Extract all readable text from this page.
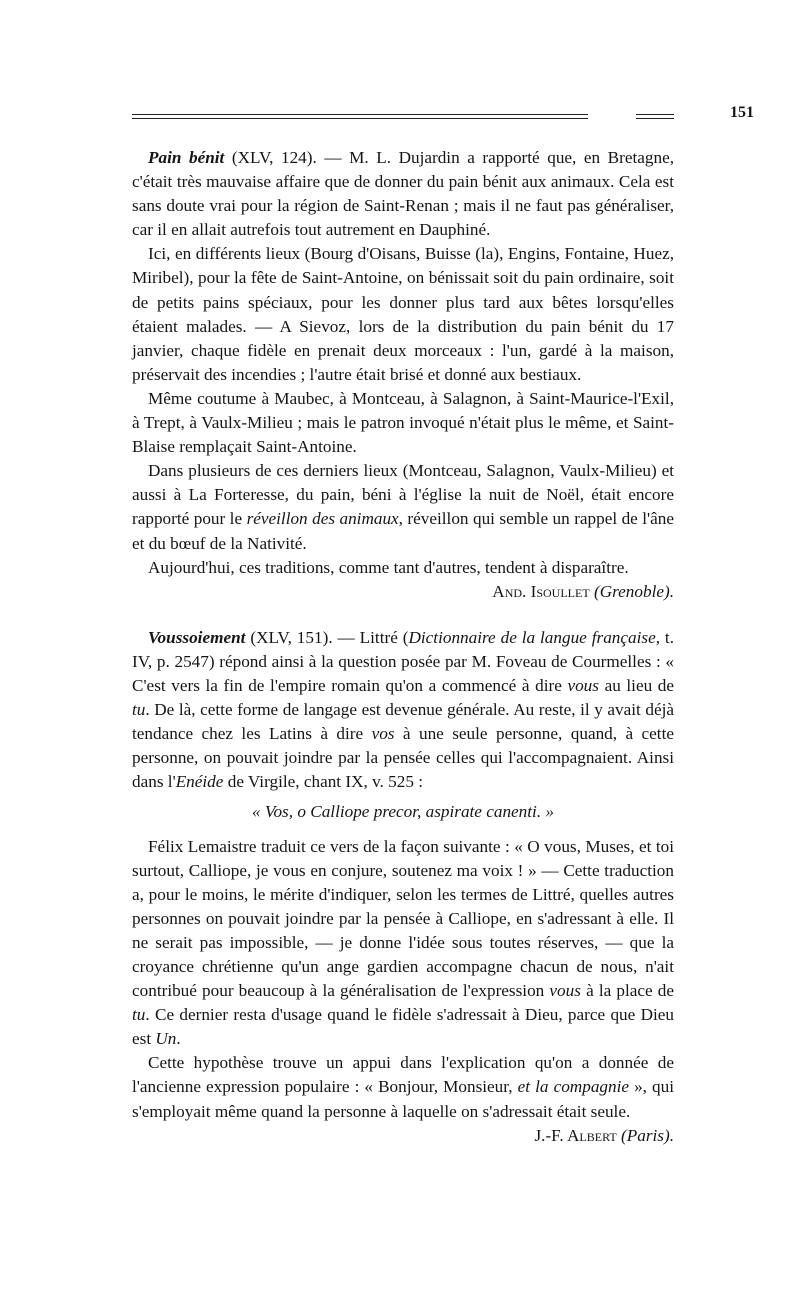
151

Pain bénit (XLV, 124). — M. L. Dujardin a rapporté que, en Bretagne, c'était très mauvaise affaire que de donner du pain bénit aux animaux. Cela est sans doute vrai pour la région de Saint-Renan ; mais il ne faut pas généraliser, car il en allait autrefois tout autrement en Dauphiné.

Ici, en différents lieux (Bourg d'Oisans, Buisse (la), Engins, Fontaine, Huez, Miribel), pour la fête de Saint-Antoine, on bénissait soit du pain ordinaire, soit de petits pains spéciaux, pour les donner plus tard aux bêtes lorsqu'elles étaient malades. — A Sievoz, lors de la distribution du pain bénit du 17 janvier, chaque fidèle en prenait deux morceaux : l'un, gardé à la maison, préservait des incendies ; l'autre était brisé et donné aux bestiaux.

Même coutume à Maubec, à Montceau, à Salagnon, à Saint-Maurice-l'Exil, à Trept, à Vaulx-Milieu ; mais le patron invoqué n'était plus le même, et Saint-Blaise remplaçait Saint-Antoine.

Dans plusieurs de ces derniers lieux (Montceau, Salagnon, Vaulx-Milieu) et aussi à La Forteresse, du pain, béni à l'église la nuit de Noël, était encore rapporté pour le réveillon des animaux, réveillon qui semble un rappel de l'âne et du bœuf de la Nativité.

Aujourd'hui, ces traditions, comme tant d'autres, tendent à disparaître.

And. Isoullet (Grenoble).

Voussoiement (XLV, 151). — Littré (Dictionnaire de la langue française, t. IV, p. 2547) répond ainsi à la question posée par M. Foveau de Courmelles : « C'est vers la fin de l'empire romain qu'on a commencé à dire vous au lieu de tu. De là, cette forme de langage est devenue générale. Au reste, il y avait déjà tendance chez les Latins à dire vos à une seule personne, quand, à cette personne, on pouvait joindre par la pensée celles qui l'accompagnaient. Ainsi dans l'Enéide de Virgile, chant IX, v. 525 :

« Vos, o Calliope precor, aspirate canenti. »

Félix Lemaistre traduit ce vers de la façon suivante : « O vous, Muses, et toi surtout, Calliope, je vous en conjure, soutenez ma voix ! » — Cette traduction a, pour le moins, le mérite d'indiquer, selon les termes de Littré, quelles autres personnes on pouvait joindre par la pensée à Calliope, en s'adressant à elle. Il ne serait pas impossible, — je donne l'idée sous toutes réserves, — que la croyance chrétienne qu'un ange gardien accompagne chacun de nous, n'ait contribué pour beaucoup à la généralisation de l'expression vous à la place de tu. Ce dernier resta d'usage quand le fidèle s'adressait à Dieu, parce que Dieu est Un.

Cette hypothèse trouve un appui dans l'explication qu'on a donnée de l'ancienne expression populaire : « Bonjour, Monsieur, et la compagnie », qui s'employait même quand la personne à laquelle on s'adressait était seule.

J.-F. Albert (Paris).
